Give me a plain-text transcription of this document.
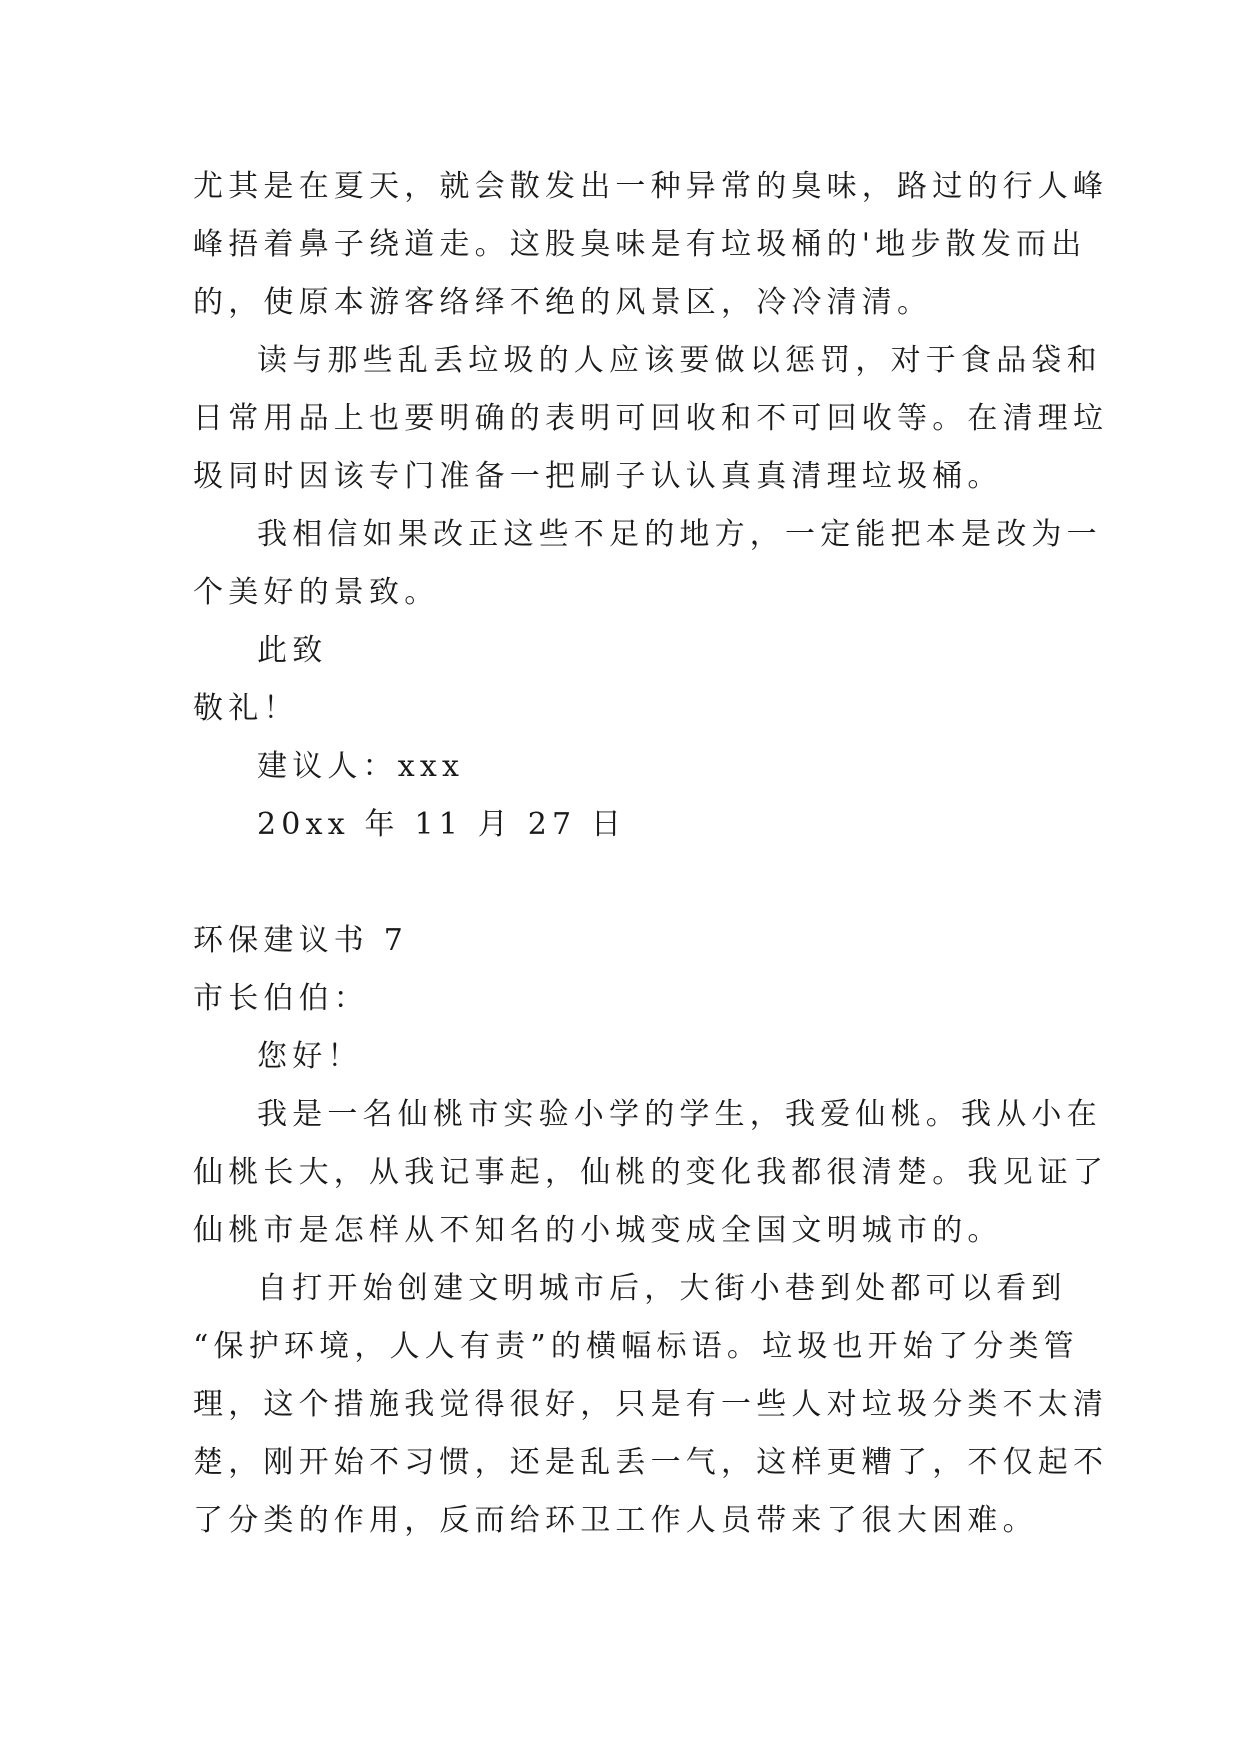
尤其是在夏天，就会散发出一种异常的臭味，路过的行人峰
峰捂着鼻子绕道走。这股臭味是有垃圾桶的'地步散发而出
的，使原本游客络绎不绝的风景区，冷冷清清。
读与那些乱丢垃圾的人应该要做以惩罚，对于食品袋和
日常用品上也要明确的表明可回收和不可回收等。在清理垃
圾同时因该专门准备一把刷子认认真真清理垃圾桶。
我相信如果改正这些不足的地方，一定能把本是改为一
个美好的景致。
此致
敬礼！
建议人：xxx
20xx 年 11 月 27 日
环保建议书 7
市长伯伯：
您好！
我是一名仙桃市实验小学的学生，我爱仙桃。我从小在
仙桃长大，从我记事起，仙桃的变化我都很清楚。我见证了
仙桃市是怎样从不知名的小城变成全国文明城市的。
自打开始创建文明城市后，大街小巷到处都可以看到
“保护环境，人人有责”的横幅标语。垃圾也开始了分类管
理，这个措施我觉得很好，只是有一些人对垃圾分类不太清
楚，刚开始不习惯，还是乱丢一气，这样更糟了，不仅起不
了分类的作用，反而给环卫工作人员带来了很大困难。
